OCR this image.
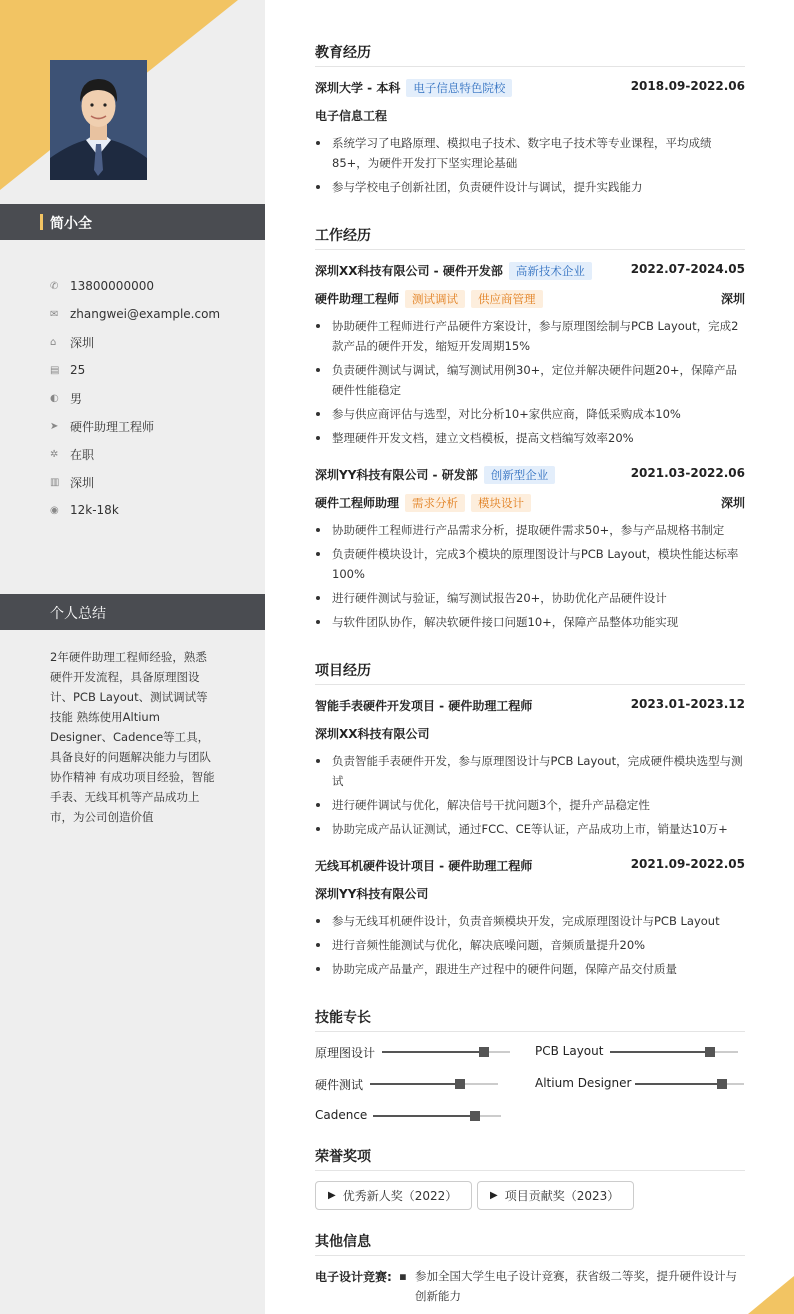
简小全
✆ 13800000000
✉ zhangwei@example.com
⌂	深圳
▤ 25
◐ 男
➤ 硬件助理工程师
✲ 在职
▥ 深圳
◉ 12k-18k
个人总结
2年硬件助理工程师经验，熟悉硬件开发流程，具备原理图设计、PCB Layout、测试调试等技能 熟练使用Altium Designer、Cadence等工具，具备良好的问题解决能力与团队协作精神 有成功项目经验，智能手表、无线耳机等产品成功上市，为公司创造价值
教育经历
深圳大学 - 本科 电子信息特色院校	2018.09-2022.06
电子信息工程
系统学习了电路原理、模拟电子技术、数字电子技术等专业课程，平均成绩85+，为硬件开发打下坚实理论基础
参与学校电子创新社团，负责硬件设计与调试，提升实践能力
工作经历
深圳XX科技有限公司 - 硬件开发部 高新技术企业	2022.07-2024.05
硬件助理工程师 测试调试 供应商管理	深圳
协助硬件工程师进行产品硬件方案设计，参与原理图绘制与PCB Layout，完成2款产品的硬件开发，缩短开发周期15%
负责硬件测试与调试，编写测试用例30+，定位并解决硬件问题20+，保障产品硬件性能稳定
参与供应商评估与选型，对比分析10+家供应商，降低采购成本10%
整理硬件开发文档，建立文档模板，提高文档编写效率20%
深圳YY科技有限公司 - 研发部 创新型企业	2021.03-2022.06
硬件工程师助理 需求分析 模块设计	深圳
协助硬件工程师进行产品需求分析，提取硬件需求50+，参与产品规格书制定
负责硬件模块设计，完成3个模块的原理图设计与PCB Layout，模块性能达标率100%
进行硬件测试与验证，编写测试报告20+，协助优化产品硬件设计
与软件团队协作，解决软硬件接口问题10+，保障产品整体功能实现
项目经历
智能手表硬件开发项目 - 硬件助理工程师	2023.01-2023.12
深圳XX科技有限公司
负责智能手表硬件开发，参与原理图设计与PCB Layout，完成硬件模块选型与测试
进行硬件调试与优化，解决信号干扰问题3个，提升产品稳定性
协助完成产品认证测试，通过FCC、CE等认证，产品成功上市，销量达10万+
无线耳机硬件设计项目 - 硬件助理工程师	2021.09-2022.05
深圳YY科技有限公司
参与无线耳机硬件设计，负责音频模块开发，完成原理图设计与PCB Layout
进行音频性能测试与优化，解决底噪问题，音频质量提升20%
协助完成产品量产，跟进生产过程中的硬件问题，保障产品交付质量
技能专长
原理图设计	PCB Layout
硬件测试	Altium Designer
Cadence
荣誉奖项
▶ 优秀新人奖（2022）	▶ 项目贡献奖（2023）
其他信息
电子设计竞赛: ▪ 参加全国大学生电子设计竞赛，获省级二等奖，提升硬件设计与创新能力
